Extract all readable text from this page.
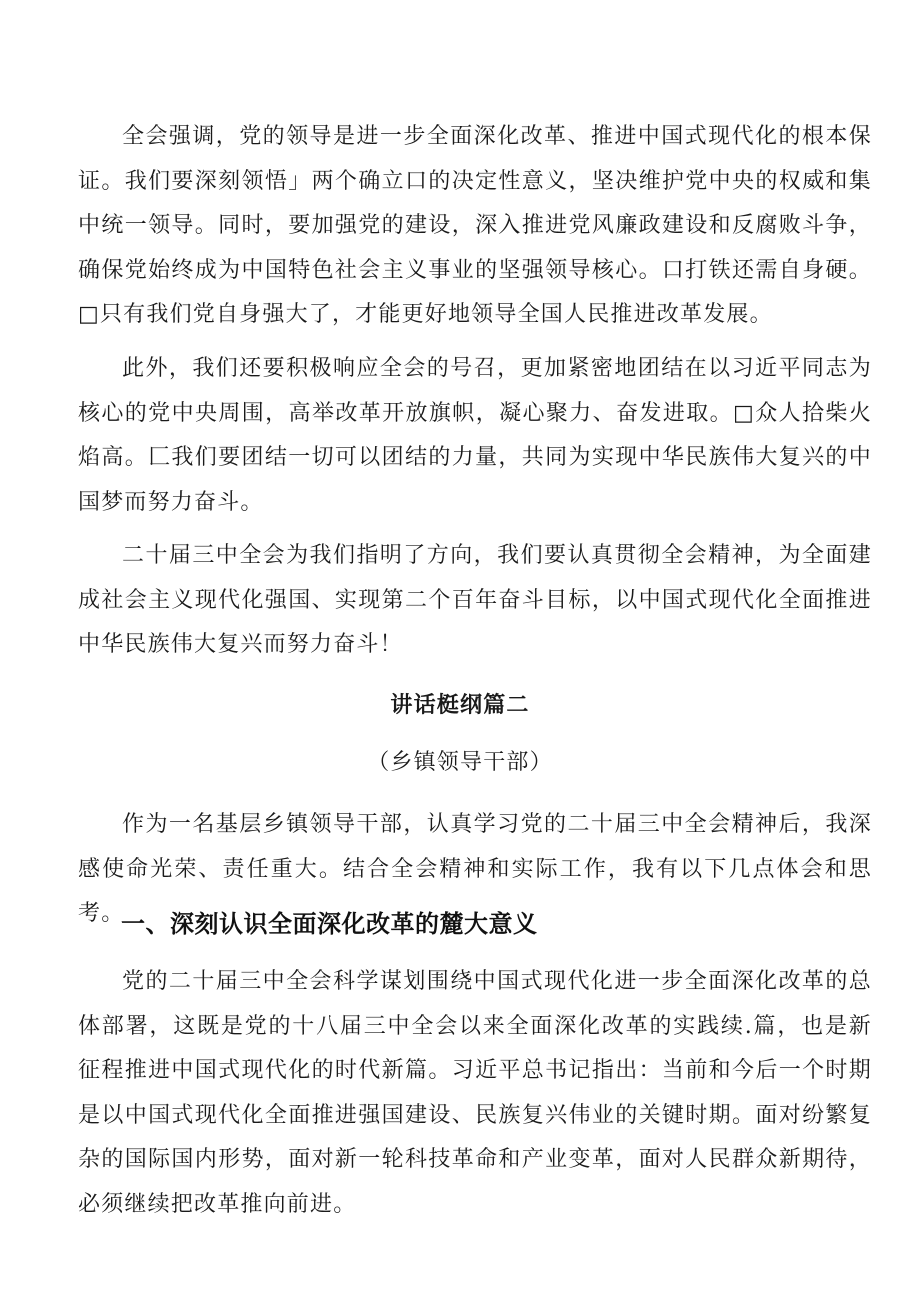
全会强调，党的领导是进一步全面深化改革、推进中国式现代化的根本保证。我们要深刻领悟」两个确立口的决定性意义，坚决维护党中央的权威和集中统一领导。同时，要加强党的建设，深入推进党风廉政建设和反腐败斗争，确保党始终成为中国特色社会主义事业的坚强领导核心。口打铁还需自身硬。□只有我们党自身强大了，才能更好地领导全国人民推进改革发展。

此外，我们还要积极响应全会的号召，更加紧密地团结在以习近平同志为核心的党中央周围，高举改革开放旗帜，凝心聚力、奋发进取。□众人拾柴火焰高。匚我们要团结一切可以团结的力量，共同为实现中华民族伟大复兴的中国梦而努力奋斗。

二十届三中全会为我们指明了方向，我们要认真贯彻全会精神，为全面建成社会主义现代化强国、实现第二个百年奋斗目标，以中国式现代化全面推进中华民族伟大复兴而努力奋斗！

讲话梃纲篇二
（乡镇领导干部）

作为一名基层乡镇领导干部，认真学习党的二十届三中全会精神后，我深感使命光荣、责任重大。结合全会精神和实际工作，我有以下几点体会和思考。

一、深刻认识全面深化改革的麓大意义

党的二十届三中全会科学谋划围绕中国式现代化进一步全面深化改革的总体部署，这既是党的十八届三中全会以来全面深化改革的实践续.篇，也是新征程推进中国式现代化的时代新篇。习近平总书记指出：当前和今后一个时期是以中国式现代化全面推进强国建设、民族复兴伟业的关键时期。面对纷繁复杂的国际国内形势，面对新一轮科技革命和产业变革，面对人民群众新期待，必须继续把改革推向前进。
